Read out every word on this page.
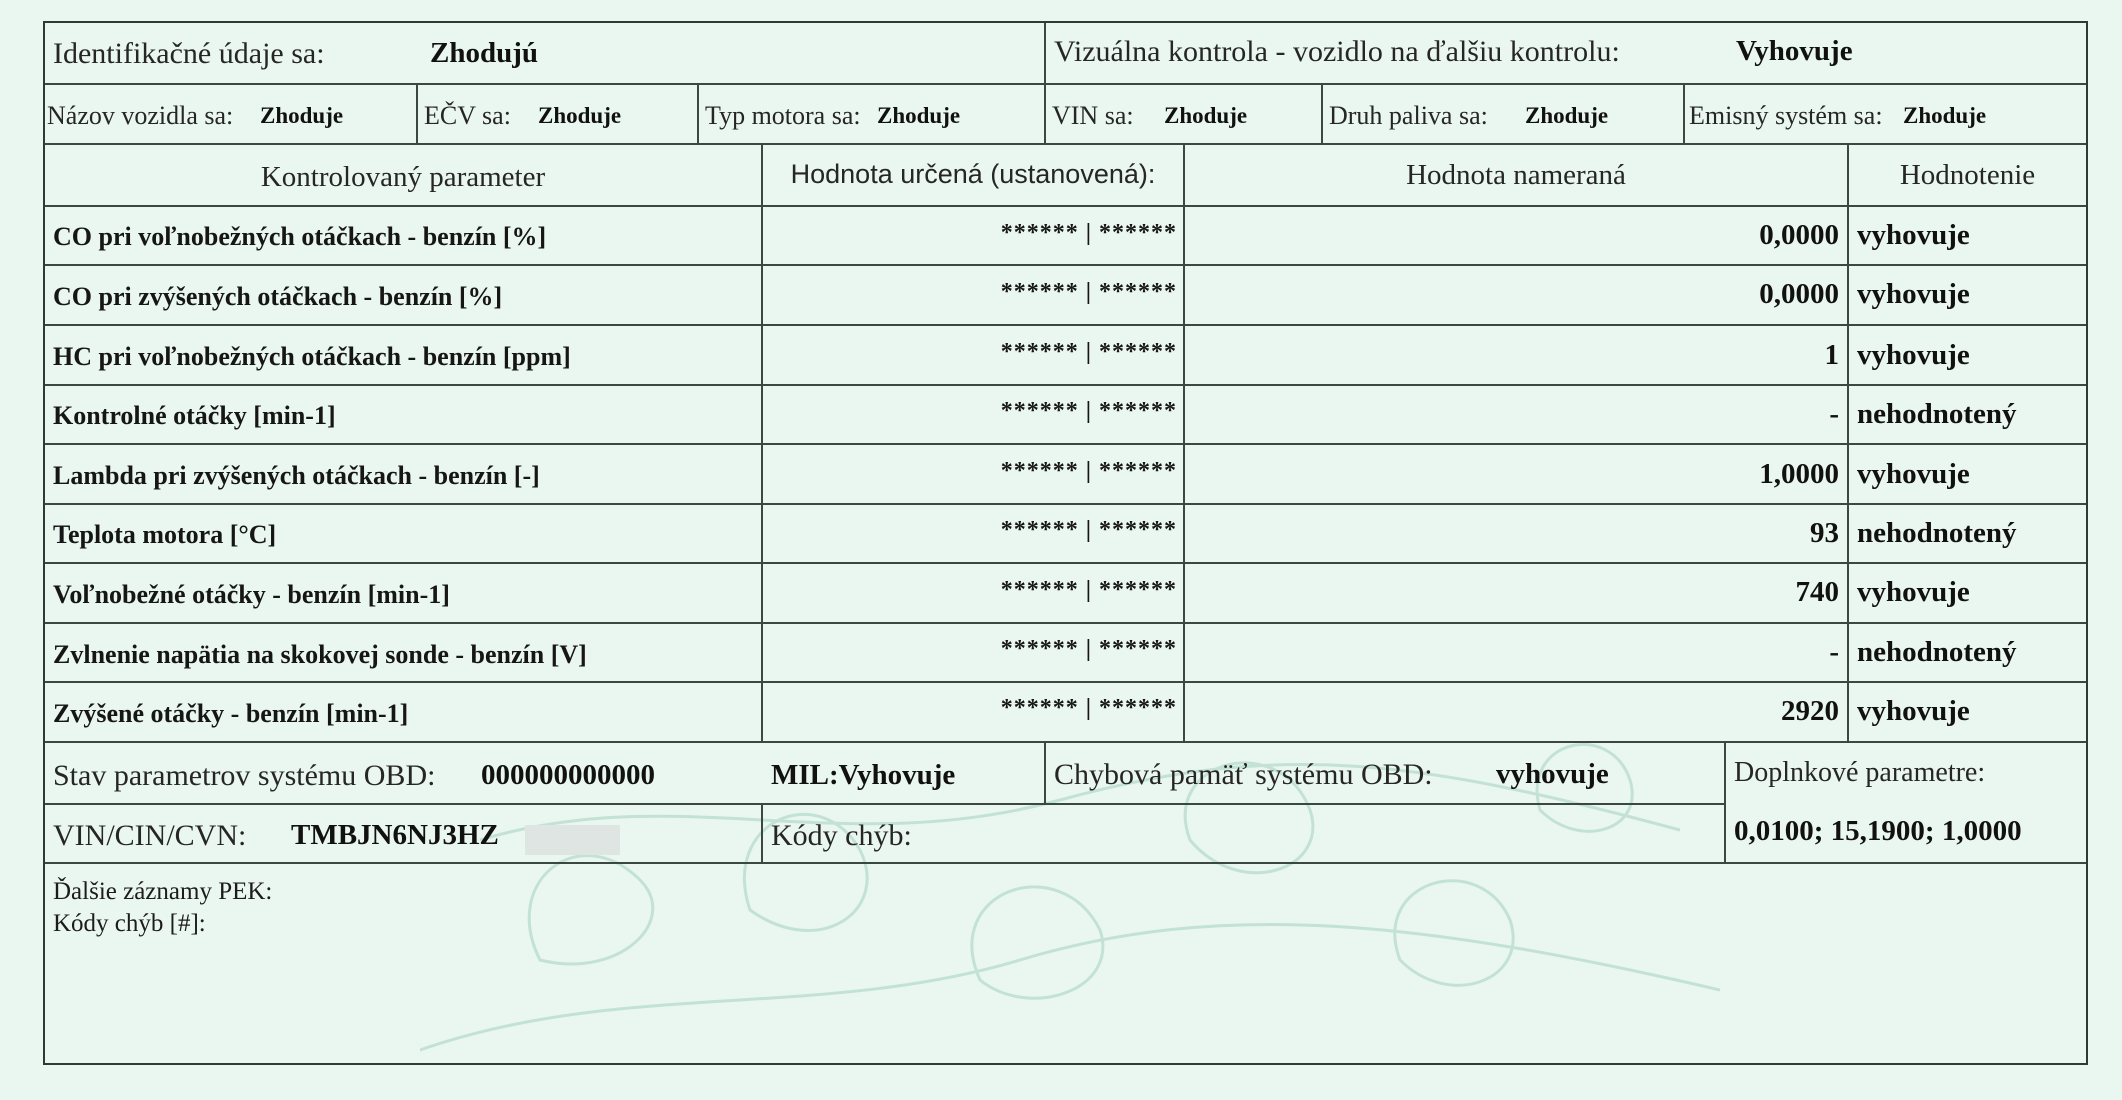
Identifikačné údaje sa:	Zhodujú	Vizuálna kontrola - vozidlo na ďalšiu kontrolu:	Vyhovuje
Názov vozidla sa: Zhoduje	EČV sa: Zhoduje	Typ motora sa: Zhoduje	VIN sa: Zhoduje	Druh paliva sa: Zhoduje	Emisný systém sa: Zhoduje
Kontrolovaný parameter	Hodnota určená (ustanovená):	Hodnota nameraná	Hodnotenie
CO pri voľnobežných otáčkach - benzín [%]	****** | ******	0,0000 vyhovuje
CO pri zvýšených otáčkach - benzín [%]	****** | ******	0,0000 vyhovuje
HC pri voľnobežných otáčkach - benzín [ppm]	****** | ******	1 vyhovuje
Kontrolné otáčky [min-1]	****** | ******	- nehodnotený
Lambda pri zvýšených otáčkach - benzín [-]	****** | ******	1,0000 vyhovuje
Teplota motora [°C]	****** | ******	93 nehodnotený
Voľnobežné otáčky - benzín [min-1]	****** | ******	740 vyhovuje
Zvlnenie napätia na skokovej sonde - benzín [V]	****** | ******	- nehodnotený
Zvýšené otáčky - benzín [min-1]	****** | ******	2920 vyhovuje
Stav parametrov systému OBD: 000000000000	MIL:Vyhovuje	Chybová pamäť systému OBD: vyhovuje	Doplnkové parametre:
0,0100; 15,1900; 1,0000
VIN/CIN/CVN: TMBJN6NJ3HZ	Kódy chýb:
Ďalšie záznamy PEK:
Kódy chýb [#]:
